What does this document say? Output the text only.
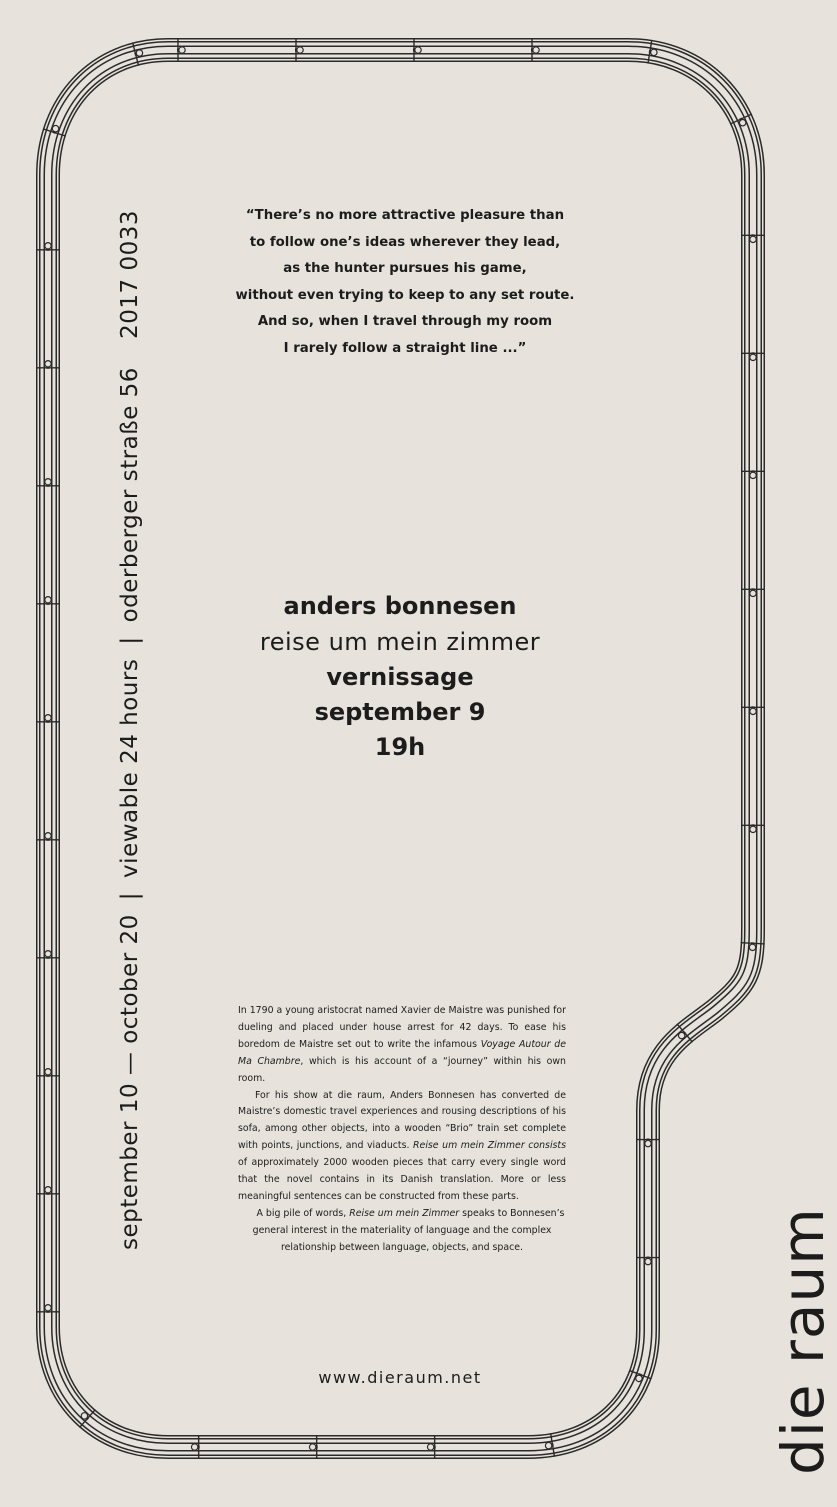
september 10 — october 20
|
viewable 24 hours
|
oderberger straße 56
2017 0033	“There’s no more attractive pleasure than
to follow one’s ideas wherever they lead,
as the hunter pursues his game,
without even trying to keep to any set route.
And so, when I travel through my room
I rarely follow a straight line ...”
anders bonnesen
reise um mein zimmer
vernissage
september 9
19h

In 1790 a young aristocrat named Xavier de Maistre was punished for dueling and placed under house arrest for 42 days. To ease his boredom de Maistre set out to write the infamous Voyage Autour de Ma Chambre, which is his account of a “journey” within his own room.

For his show at die raum, Anders Bonnesen has converted de Maistre’s domestic travel experiences and rousing descriptions of his sofa, among other objects, into a wooden “Brio” train set complete with points, junctions, and viaducts. Reise um mein Zimmer consists of approximately 2000 wooden pieces that carry every single word that the novel contains in its Danish translation. More or less meaningful sentences can be constructed from these parts.

A big pile of words, Reise um mein Zimmer speaks to Bonnesen’s general interest in the materiality of language and the complex relationship between language, objects, and space.

www.dieraum.net	die raum
